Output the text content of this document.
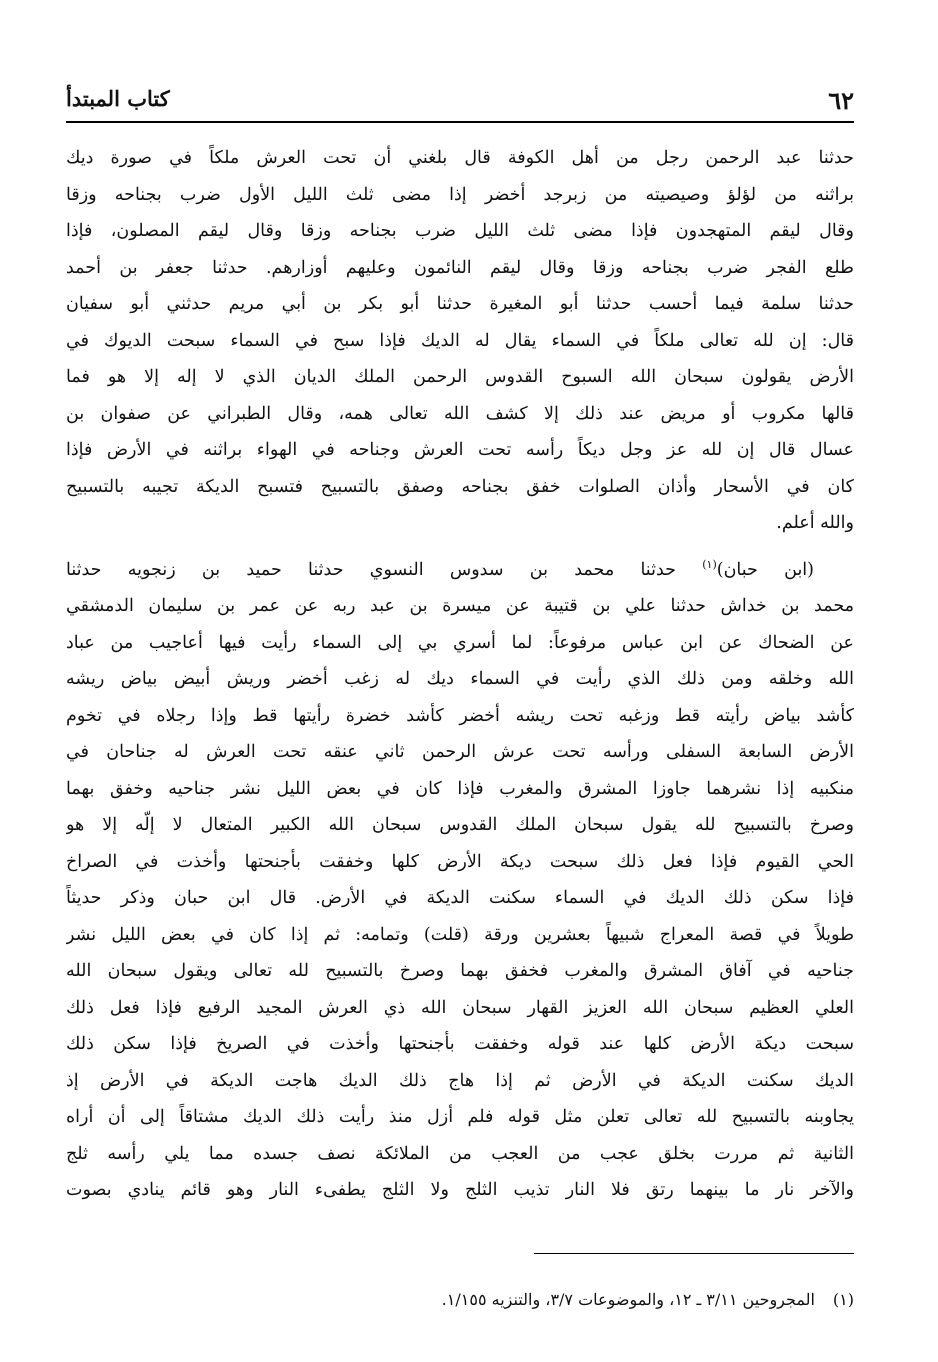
٦٢
كتاب المبتدأ
حدثنا عبد الرحمن رجل من أهل الكوفة قال بلغني أن تحت العرش ملكاً في صورة ديك
براثنه من لؤلؤ وصيصيته من زبرجد أخضر إذا مضى ثلث الليل الأول ضرب بجناحه وزقا
وقال ليقم المتهجدون فإذا مضى ثلث الليل ضرب بجناحه وزقا وقال ليقم المصلون، فإذا
طلع الفجر ضرب بجناحه وزقا وقال ليقم النائمون وعليهم أوزارهم. حدثنا جعفر بن أحمد
حدثنا سلمة فيما أحسب حدثنا أبو المغيرة حدثنا أبو بكر بن أبي مريم حدثني أبو سفيان
قال: إن لله تعالى ملكاً في السماء يقال له الديك فإذا سبح في السماء سبحت الديوك في
الأرض يقولون سبحان الله السبوح القدوس الرحمن الملك الديان الذي لا إله إلا هو فما
قالها مكروب أو مريض عند ذلك إلا كشف الله تعالى همه، وقال الطبراني عن صفوان بن
عسال قال إن لله عز وجل ديكاً رأسه تحت العرش وجناحه في الهواء براثنه في الأرض فإذا
كان في الأسحار وأذان الصلوات خفق بجناحه وصفق بالتسبيح فتسبح الديكة تجيبه بالتسبيح
والله أعلم.
(ابن حبان)$^{(١)}$ حدثنا محمد بن سدوس النسوي حدثنا حميد بن زنجويه حدثنا
محمد بن خداش حدثنا علي بن قتيبة عن ميسرة بن عبد ربه عن عمر بن سليمان الدمشقي
عن الضحاك عن ابن عباس مرفوعاً: لما أسري بي إلى السماء رأيت فيها أعاجيب من عباد
الله وخلقه ومن ذلك الذي رأيت في السماء ديك له زغب أخضر وريش أبيض بياض ريشه
كأشد بياض رأيته قط وزغبه تحت ريشه أخضر كأشد خضرة رأيتها قط وإذا رجلاه في تخوم
الأرض السابعة السفلى ورأسه تحت عرش الرحمن ثاني عنقه تحت العرش له جناحان في
منكبيه إذا نشرهما جاوزا المشرق والمغرب فإذا كان في بعض الليل نشر جناحيه وخفق بهما
وصرخ بالتسبيح لله يقول سبحان الملك القدوس سبحان الله الكبير المتعال لا إلّه إلا هو
الحي القيوم فإذا فعل ذلك سبحت ديكة الأرض كلها وخفقت بأجنحتها وأخذت في الصراخ
فإذا سكن ذلك الديك في السماء سكنت الديكة في الأرض. قال ابن حبان وذكر حديثاً
طويلاً في قصة المعراج شبيهاً بعشرين ورقة (قلت) وتمامه: ثم إذا كان في بعض الليل نشر
جناحيه في آفاق المشرق والمغرب فخفق بهما وصرخ بالتسبيح لله تعالى ويقول سبحان الله
العلي العظيم سبحان الله العزيز القهار سبحان الله ذي العرش المجيد الرفيع فإذا فعل ذلك
سبحت ديكة الأرض كلها عند قوله وخفقت بأجنحتها وأخذت في الصريخ فإذا سكن ذلك
الديك سكنت الديكة في الأرض ثم إذا هاج ذلك الديك هاجت الديكة في الأرض إذ
يجاوبنه بالتسبيح لله تعالى تعلن مثل قوله فلم أزل منذ رأيت ذلك الديك مشتاقاً إلى أن أراه
الثانية ثم مررت بخلق عجب من العجب من الملائكة نصف جسده مما يلي رأسه ثلج
والآخر نار ما بينهما رتق فلا النار تذيب الثلج ولا الثلج يطفىء النار وهو قائم ينادي بصوت
(١)المجروحين ٣/١١ ـ ١٢، والموضوعات ٣/٧، والتنزيه ١/١٥٥.
